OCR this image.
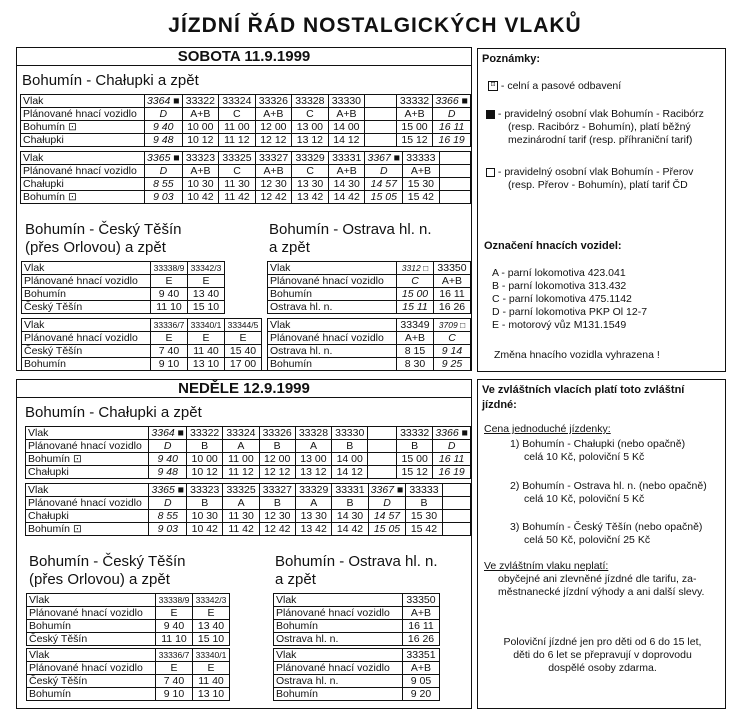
JÍZDNÍ ŘÁD NOSTALGICKÝCH VLAKŮ
SOBOTA 11.9.1999
Bohumín - Chałupki a zpět
Vlak	3364 ■	33322	33324	33326	33328	33330		33332	3366 ■
Plánované hnací vozidlo	D	A+B	C	A+B	C	A+B		A+B	D
Bohumín ⊡	9 40	10 00	11 00	12 00	13 00	14 00		15 00	16 11
Chałupki	9 48	10 12	11 12	12 12	13 12	14 12		15 12	16 19
Vlak	3365 ■	33323	33325	33327	33329	33331	3367 ■	33333	
Plánované hnací vozidlo	D	A+B	C	A+B	C	A+B	D	A+B	
Chałupki	8 55	10 30	11 30	12 30	13 30	14 30	14 57	15 30	
Bohumín ⊡	9 03	10 42	11 42	12 42	13 42	14 42	15 05	15 42	
Bohumín - Český Těšín
(přes Orlovou) a zpět
Vlak	33338/9	33342/3
Plánované hnací vozidlo	E	E
Bohumín	9 40	13 40
Český Těšín	11 10	15 10
Vlak	33336/7	33340/1	33344/5
Plánované hnací vozidlo	E	E	E
Český Těšín	7 40	11 40	15 40
Bohumín	9 10	13 10	17 00
Bohumín - Ostrava hl. n.
a zpět
Vlak	3312 □	33350
Plánované hnací vozidlo	C	A+B
Bohumín	15 00	16 11
Ostrava hl. n.	15 11	16 26
Vlak	33349	3709 □
Plánované hnací vozidlo	A+B	C
Ostrava hl. n.	8 15	9 14
Bohumín	8 30	9 25
NEDĚLE 12.9.1999
Bohumín - Chałupki a zpět
Vlak	3364 ■	33322	33324	33326	33328	33330		33332	3366 ■
Plánované hnací vozidlo	D	B	A	B	A	B		B	D
Bohumín ⊡	9 40	10 00	11 00	12 00	13 00	14 00		15 00	16 11
Chałupki	9 48	10 12	11 12	12 12	13 12	14 12		15 12	16 19
Vlak	3365 ■	33323	33325	33327	33329	33331	3367 ■	33333	
Plánované hnací vozidlo	D	B	A	B	A	B	D	B	
Chałupki	8 55	10 30	11 30	12 30	13 30	14 30	14 57	15 30	
Bohumín ⊡	9 03	10 42	11 42	12 42	13 42	14 42	15 05	15 42	
Bohumín - Český Těšín
(přes Orlovou) a zpět
Vlak	33338/9	33342/3
Plánované hnací vozidlo	E	E
Bohumín	9 40	13 40
Český Těšín	11 10	15 10
Vlak	33336/7	33340/1
Plánované hnací vozidlo	E	E
Český Těšín	7 40	11 40
Bohumín	9 10	13 10
Bohumín - Ostrava hl. n.
a zpět
Vlak	33350
Plánované hnací vozidlo	A+B
Bohumín	16 11
Ostrava hl. n.	16 26
Vlak	33351
Plánované hnací vozidlo	A+B
Ostrava hl. n.	9 05
Bohumín	9 20
Poznámky:
⊡ - celní a pasové odbavení
- pravidelný osobní vlak Bohumín - Racibórz
(resp. Racibórz - Bohumín), platí běžný
mezinárodní tarif (resp. příhraniční tarif)
- pravidelný osobní vlak Bohumín - Přerov
(resp. Přerov - Bohumín), platí tarif ČD
Označení hnacích vozidel:
A - parní lokomotiva 423.041
B - parní lokomotiva 313.432
C - parní lokomotiva 475.1142
D - parní lokomotiva PKP Ol 12-7
E - motorový vůz M131.1549
Změna hnacího vozidla vyhrazena !
Ve zvláštních vlacích platí toto zvláštní
jízdné:
Cena jednoduché jízdenky:
1) Bohumín - Chałupki (nebo opačně)
celá 10 Kč, poloviční 5 Kč
2) Bohumín - Ostrava hl. n. (nebo opačně)
celá 10 Kč, poloviční 5 Kč
3) Bohumín - Český Těšín (nebo opačně)
celá 50 Kč, poloviční 25 Kč
Ve zvláštním vlaku neplatí:
obyčejné ani zlevněné jízdné dle tarifu, za-
městnanecké jízdní výhody a ani další slevy.
Poloviční jízdné jen pro děti od 6 do 15 let,
děti do 6 let se přepravují v doprovodu
dospělé osoby zdarma.
